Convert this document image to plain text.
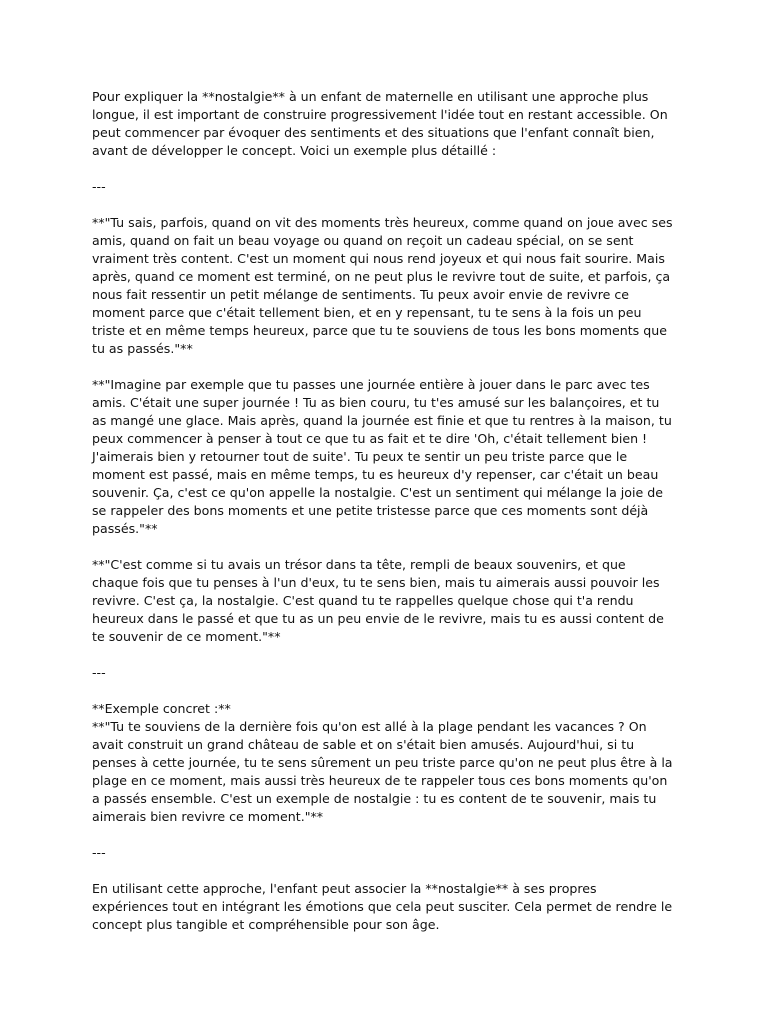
Pour expliquer la **nostalgie** à un enfant de maternelle en utilisant une approche plus longue, il est important de construire progressivement l'idée tout en restant accessible. On peut commencer par évoquer des sentiments et des situations que l'enfant connaît bien, avant de développer le concept. Voici un exemple plus détaillé :

---

**"Tu sais, parfois, quand on vit des moments très heureux, comme quand on joue avec ses amis, quand on fait un beau voyage ou quand on reçoit un cadeau spécial, on se sent vraiment très content. C'est un moment qui nous rend joyeux et qui nous fait sourire. Mais après, quand ce moment est terminé, on ne peut plus le revivre tout de suite, et parfois, ça nous fait ressentir un petit mélange de sentiments. Tu peux avoir envie de revivre ce moment parce que c'était tellement bien, et en y repensant, tu te sens à la fois un peu triste et en même temps heureux, parce que tu te souviens de tous les bons moments que tu as passés."**

**"Imagine par exemple que tu passes une journée entière à jouer dans le parc avec tes amis. C'était une super journée ! Tu as bien couru, tu t'es amusé sur les balançoires, et tu as mangé une glace. Mais après, quand la journée est finie et que tu rentres à la maison, tu peux commencer à penser à tout ce que tu as fait et te dire 'Oh, c'était tellement bien ! J'aimerais bien y retourner tout de suite'. Tu peux te sentir un peu triste parce que le moment est passé, mais en même temps, tu es heureux d'y repenser, car c'était un beau souvenir. Ça, c'est ce qu'on appelle la nostalgie. C'est un sentiment qui mélange la joie de se rappeler des bons moments et une petite tristesse parce que ces moments sont déjà passés."**

**"C'est comme si tu avais un trésor dans ta tête, rempli de beaux souvenirs, et que chaque fois que tu penses à l'un d'eux, tu te sens bien, mais tu aimerais aussi pouvoir les revivre. C'est ça, la nostalgie. C'est quand tu te rappelles quelque chose qui t'a rendu heureux dans le passé et que tu as un peu envie de le revivre, mais tu es aussi content de te souvenir de ce moment."**

---

**Exemple concret :**
**"Tu te souviens de la dernière fois qu'on est allé à la plage pendant les vacances ? On avait construit un grand château de sable et on s'était bien amusés. Aujourd'hui, si tu penses à cette journée, tu te sens sûrement un peu triste parce qu'on ne peut plus être à la plage en ce moment, mais aussi très heureux de te rappeler tous ces bons moments qu'on a passés ensemble. C'est un exemple de nostalgie : tu es content de te souvenir, mais tu aimerais bien revivre ce moment."**

---

En utilisant cette approche, l'enfant peut associer la **nostalgie** à ses propres expériences tout en intégrant les émotions que cela peut susciter. Cela permet de rendre le concept plus tangible et compréhensible pour son âge.
